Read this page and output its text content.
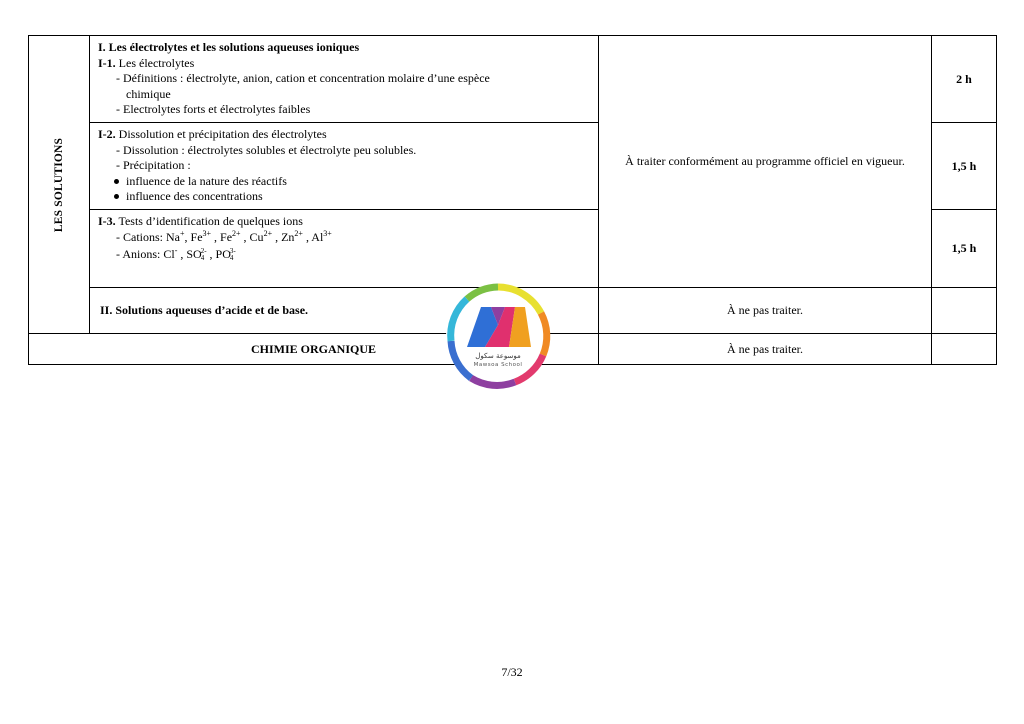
LES SOLUTIONS
I. Les électrolytes et les solutions aqueuses ioniques
I-1. Les électrolytes
- Définitions : électrolyte, anion, cation et concentration molaire d’une espèce
chimique
- Electrolytes forts et électrolytes faibles
2 h
I-2. Dissolution et précipitation des électrolytes
- Dissolution : électrolytes solubles et électrolyte peu solubles.
- Précipitation :
influence de la nature des réactifs
influence des concentrations
1,5 h
I-3. Tests d’identification de quelques ions
- Cations: Na+, $Fe^{3+}$ , $Fe^{2+}$ , $Cu^{2+}$ , $Zn^{2+}$ , $Al^{3+}$
- Anions: Cl- , SO 2-
4 , PO 3-
4
1,5 h
À traiter conformément au programme officiel en vigueur.
II. Solutions aqueuses d’acide et de base.	À ne pas traiter.
CHIMIE ORGANIQUE	À ne pas traiter.
موسوعة سكول
Mawsoa School
7/32
